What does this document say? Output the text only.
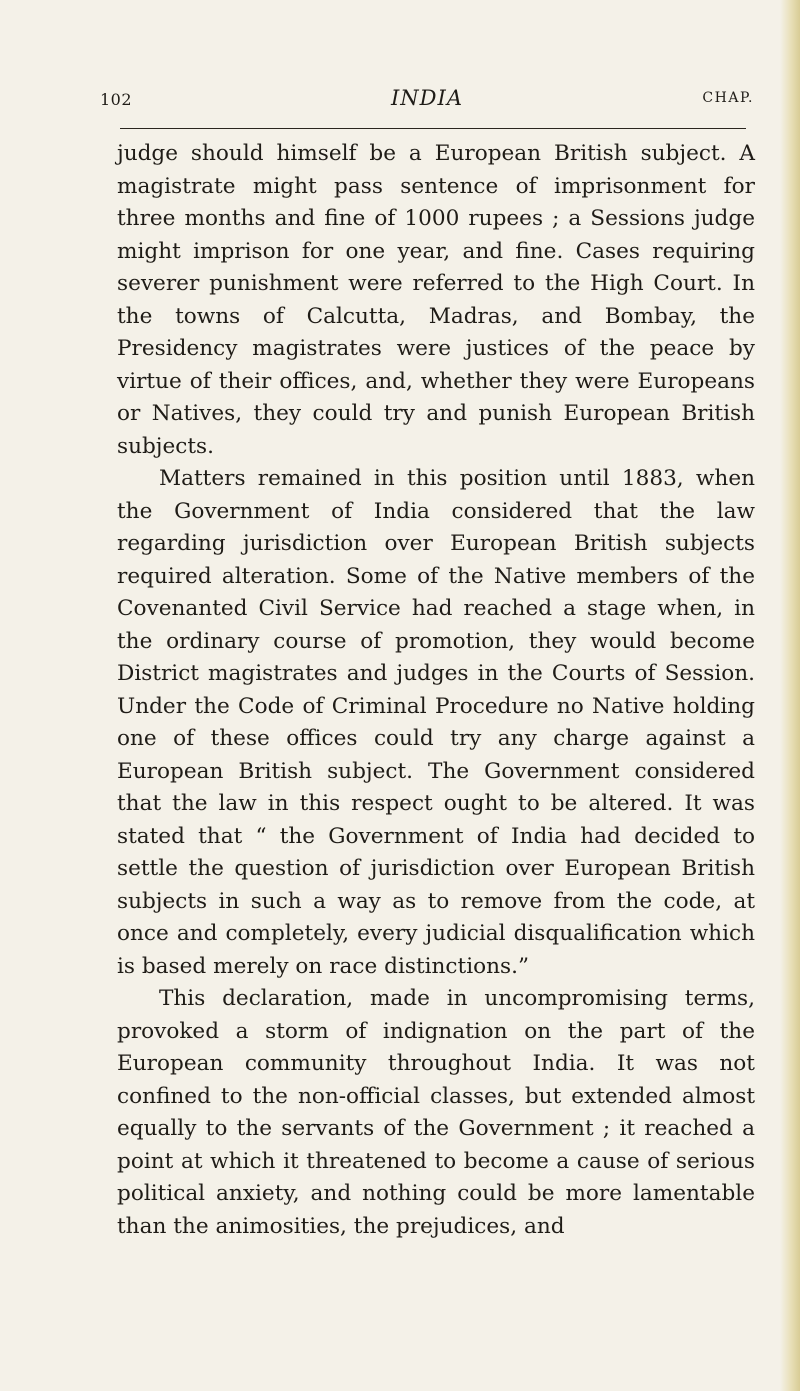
102	INDIA	CHAP.

judge should himself be a European British subject. A magistrate might pass sentence of imprisonment for three months and fine of 1000 rupees ; a Sessions judge might imprison for one year, and fine. Cases requiring severer punishment were referred to the High Court. In the towns of Calcutta, Madras, and Bombay, the Presidency magistrates were justices of the peace by virtue of their offices, and, whether they were Europeans or Natives, they could try and punish European British subjects.

Matters remained in this position until 1883, when the Government of India considered that the law regarding jurisdiction over European British subjects required alteration. Some of the Native members of the Covenanted Civil Service had reached a stage when, in the ordinary course of promotion, they would become District magistrates and judges in the Courts of Session. Under the Code of Criminal Procedure no Native holding one of these offices could try any charge against a European British subject. The Government considered that the law in this respect ought to be altered. It was stated that “ the Government of India had decided to settle the question of jurisdiction over European British subjects in such a way as to remove from the code, at once and completely, every judicial disqualification which is based merely on race distinctions.”

This declaration, made in uncompromising terms, provoked a storm of indignation on the part of the European community throughout India. It was not confined to the non-official classes, but extended almost equally to the servants of the Government ; it reached a point at which it threatened to become a cause of serious political anxiety, and nothing could be more lamentable than the animosities, the prejudices, and
